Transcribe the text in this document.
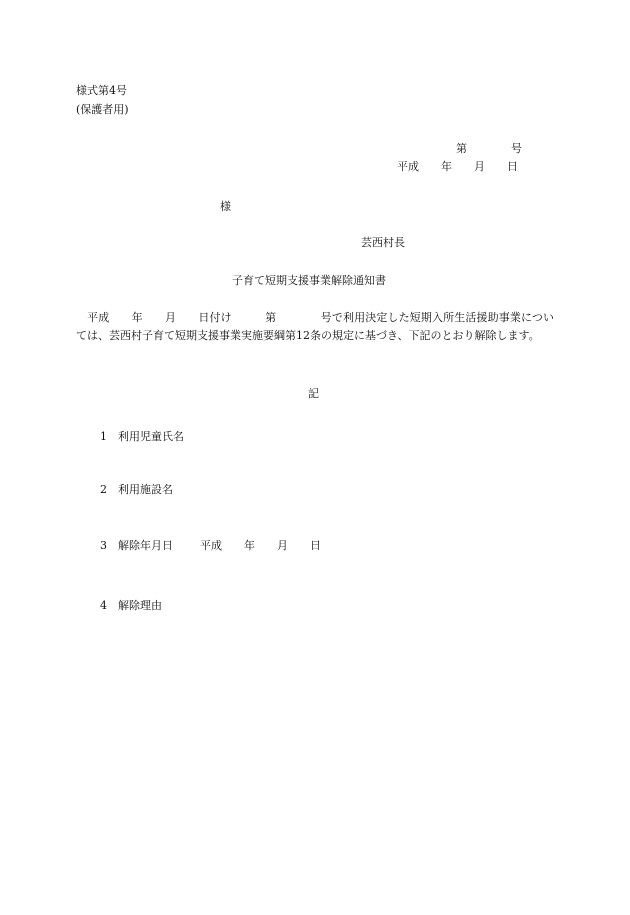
様式第4号
(保護者用)
第　　　　号
平成　　年　　月　　日
様
芸西村長
子育て短期支援事業解除通知書
　平成　　年　　月　　日付け　　　第　　　　号で利用決定した短期入所生活援助事業については、芸西村子育て短期支援事業実施要綱第12条の規定に基づき、下記のとおり解除します。
記
1 利用児童氏名
2 利用施設名
3 解除年月日 平成　　年　　月　　日
4 解除理由
